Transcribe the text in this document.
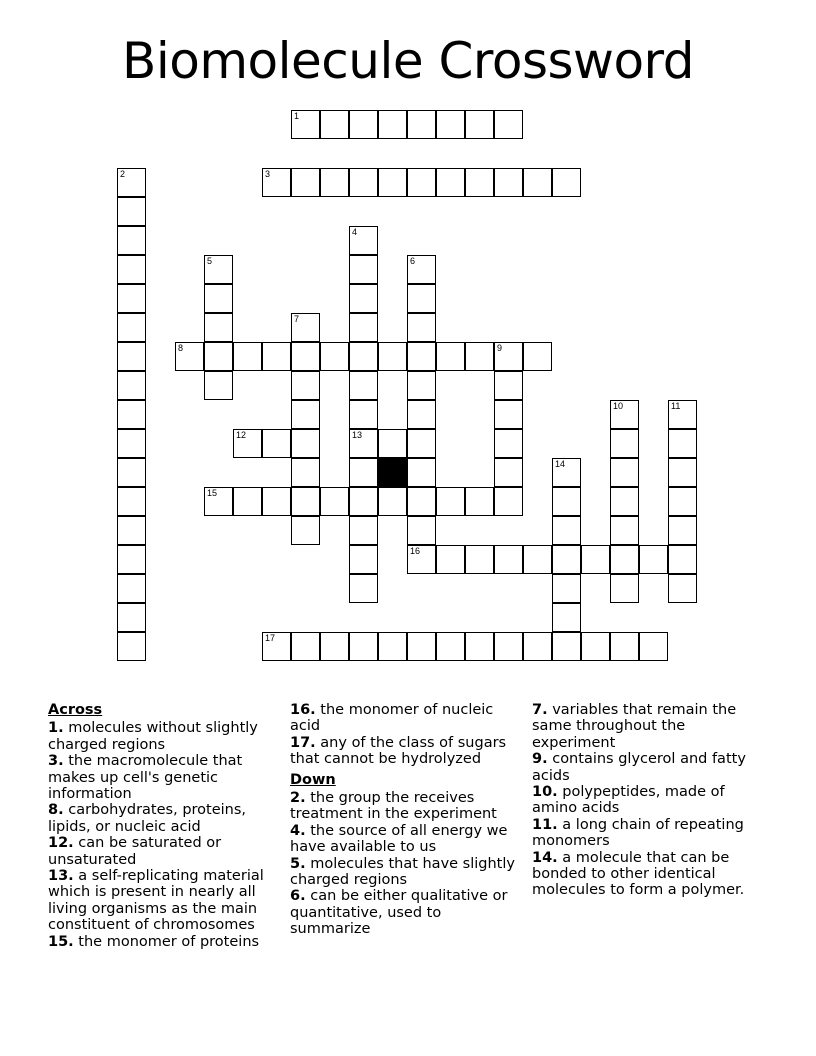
Biomolecule Crossword
1
2	3
4
13
5	6
16
7
8	9
10	11
12
14
15
17

Across

1. molecules without slightly charged regions

3. the macromolecule that makes up cell's genetic information

8. carbohydrates, proteins, lipids, or nucleic acid

12. can be saturated or unsaturated

13. a self-replicating material which is present in nearly all living organisms as the main constituent of chromosomes

15. the monomer of proteins

16. the monomer of nucleic acid

17. any of the class of sugars that cannot be hydrolyzed

Down

2. the group the receives treatment in the experiment

4. the source of all energy we have available to us

5. molecules that have slightly charged regions

6. can be either qualitative or quantitative, used to summarize

7. variables that remain the same throughout the experiment

9. contains glycerol and fatty acids

10. polypeptides, made of amino acids

11. a long chain of repeating monomers

14. a molecule that can be bonded to other identical molecules to form a polymer.
